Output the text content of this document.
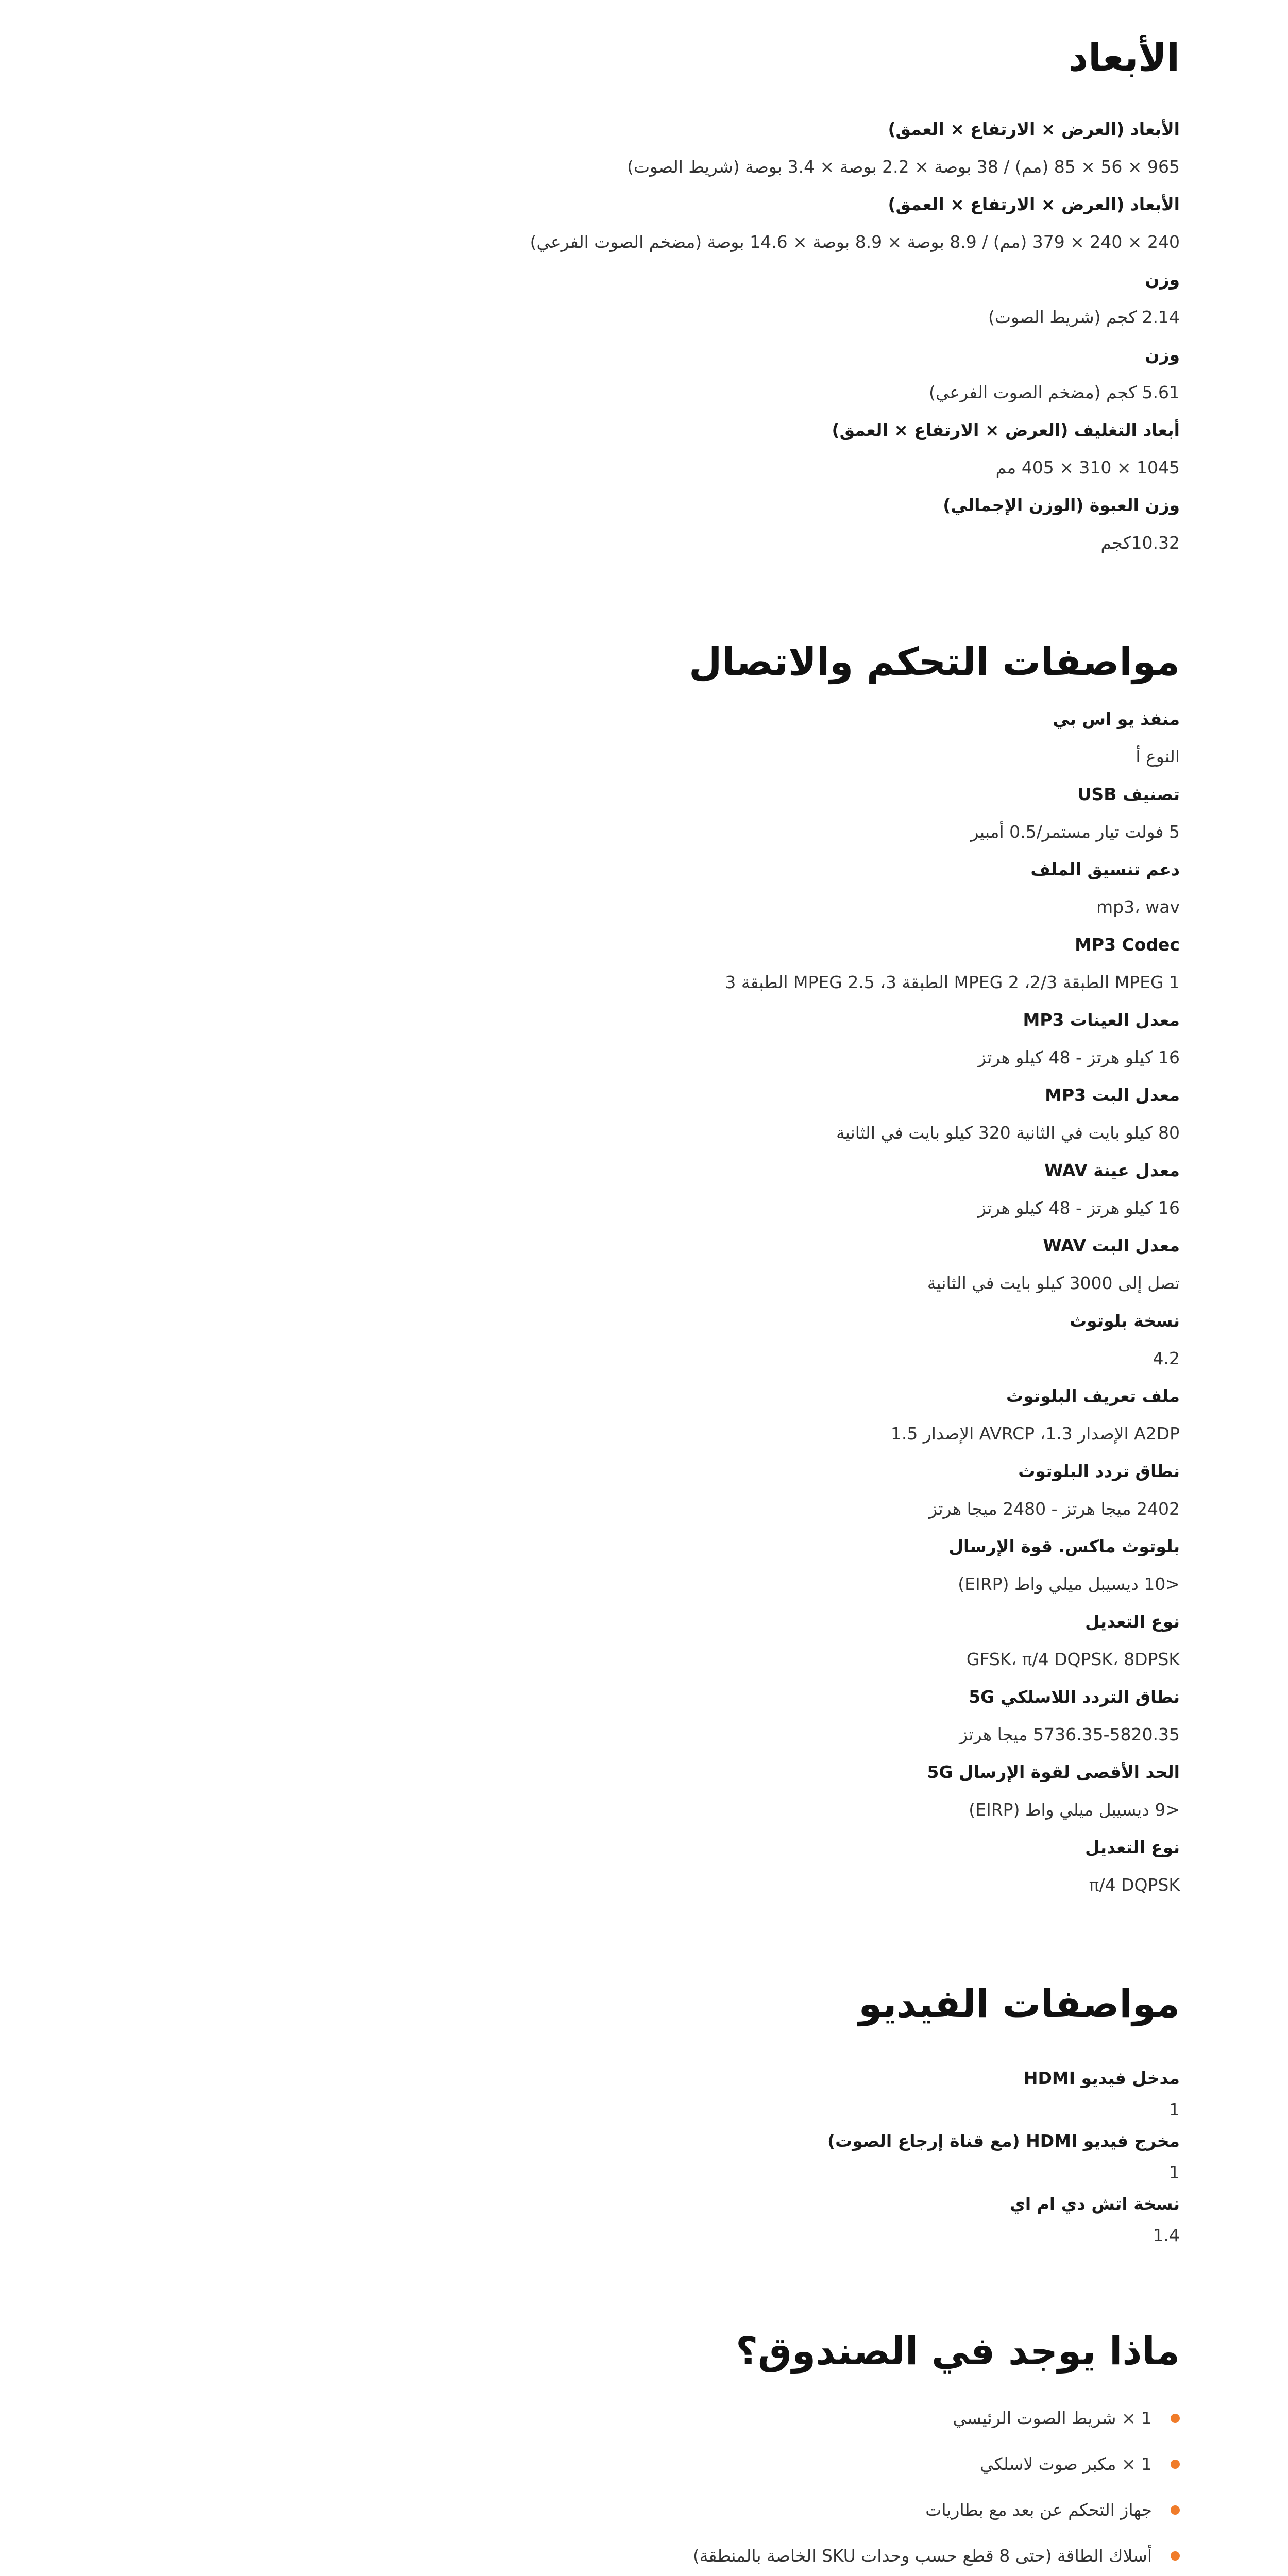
الأبعاد

الأبعاد (العرض × الارتفاع × العمق)

965 × 56 × 85 (مم) / 38 بوصة × 2.2 بوصة × 3.4 بوصة (شريط الصوت)

الأبعاد (العرض × الارتفاع × العمق)

240 × 240 × 379 (مم) / 8.9 بوصة × 8.9 بوصة × 14.6 بوصة (مضخم الصوت الفرعي)

وزن

2.14 كجم (شريط الصوت)

وزن

5.61 كجم (مضخم الصوت الفرعي)

أبعاد التغليف (العرض × الارتفاع × العمق)

1045 × 310 × 405 مم

وزن العبوة (الوزن الإجمالي)

10.32كجم

مواصفات التحكم والاتصال

منفذ يو اس بي

النوع أ

تصنيف USB

5 فولت تيار مستمر/0.5 أمبير

دعم تنسيق الملف

mp3، wav

MP3 Codec

MPEG 1 الطبقة 2/3، MPEG 2 الطبقة 3، MPEG 2.5 الطبقة 3

معدل العينات MP3

16 كيلو هرتز - 48 كيلو هرتز

معدل البت MP3

80 كيلو بايت في الثانية 320 كيلو بايت في الثانية

معدل عينة WAV

16 كيلو هرتز - 48 كيلو هرتز

معدل البت WAV

تصل إلى 3000 كيلو بايت في الثانية

نسخة بلوتوث

4.2

ملف تعريف البلوتوث

A2DP الإصدار 1.3، AVRCP الإصدار 1.5

نطاق تردد البلوتوث

2402 ميجا هرتز - 2480 ميجا هرتز

بلوتوث ماكس. قوة الإرسال

<10 ديسيبل ميلي واط (EIRP)

نوع التعديل

GFSK، π/4 DQPSK، 8DPSK

نطاق التردد اللاسلكي 5G

5736.35-5820.35 ميجا هرتز

الحد الأقصى لقوة الإرسال 5G

<9 ديسيبل ميلي واط (EIRP)

نوع التعديل

π/4 DQPSK

مواصفات الفيديو

مدخل فيديو HDMI

1

مخرج فيديو HDMI (مع قناة إرجاع الصوت)

1

نسخة اتش دي ام اي

1.4

ماذا يوجد في الصندوق؟
1 × شريط الصوت الرئيسي
1 × مكبر صوت لاسلكي
جهاز التحكم عن بعد مع بطاريات
أسلاك الطاقة (حتى 8 قطع حسب وحدات SKU الخاصة بالمنطقة)
